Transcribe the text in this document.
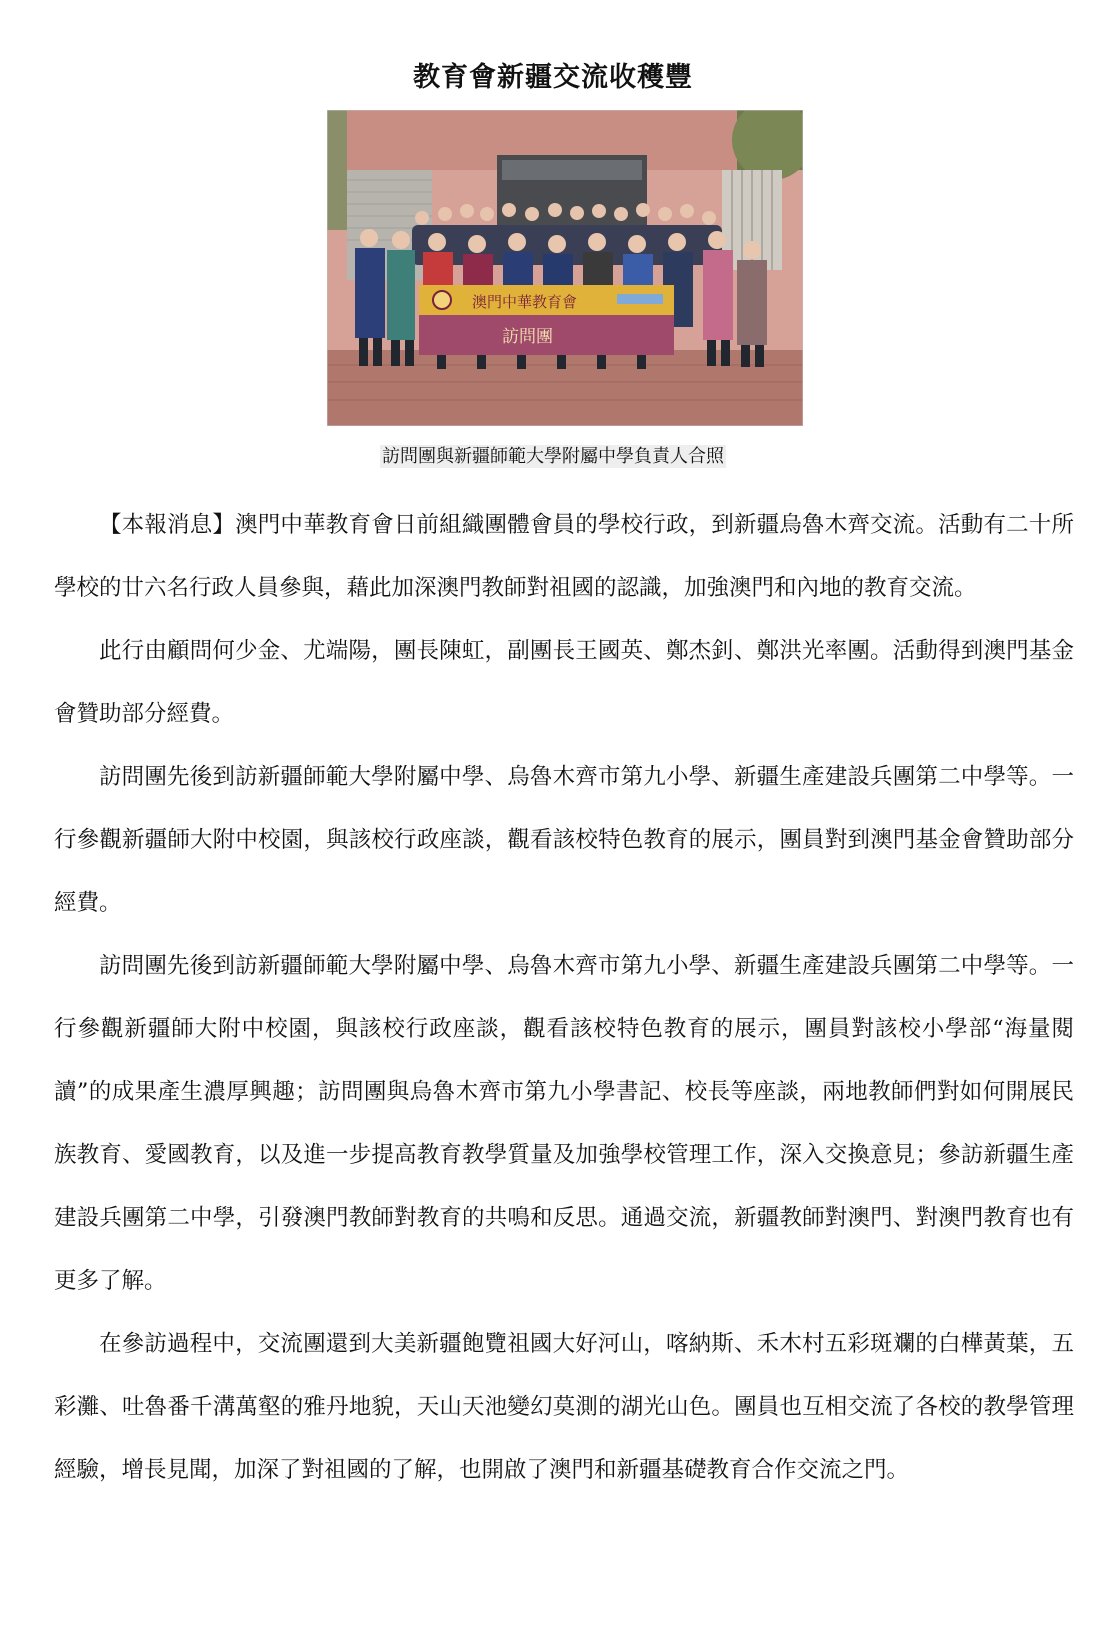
教育會新疆交流收穫豐
澳門中華教育會
訪問團
訪問團與新疆師範大學附屬中學負責人合照

【本報消息】澳門中華教育會日前組織團體會員的學校行政，到新疆烏魯木齊交流。活動有二十所學校的廿六名行政人員參與，藉此加深澳門教師對祖國的認識，加強澳門和內地的教育交流。

此行由顧問何少金、尤端陽，團長陳虹，副團長王國英、鄭杰釗、鄭洪光率團。活動得到澳門基金會贊助部分經費。

訪問團先後到訪新疆師範大學附屬中學、烏魯木齊市第九小學、新疆生產建設兵團第二中學等。一行參觀新疆師大附中校園，與該校行政座談，觀看該校特色教育的展示，團員對到澳門基金會贊助部分經費。

訪問團先後到訪新疆師範大學附屬中學、烏魯木齊市第九小學、新疆生產建設兵團第二中學等。一行參觀新疆師大附中校園，與該校行政座談，觀看該校特色教育的展示，團員對該校小學部“海量閱讀”的成果產生濃厚興趣；訪問團與烏魯木齊市第九小學書記、校長等座談，兩地教師們對如何開展民族教育、愛國教育，以及進一步提高教育教學質量及加強學校管理工作，深入交換意見；參訪新疆生產建設兵團第二中學，引發澳門教師對教育的共鳴和反思。通過交流，新疆教師對澳門、對澳門教育也有更多了解。

在參訪過程中，交流團還到大美新疆飽覽祖國大好河山，喀納斯、禾木村五彩斑斕的白樺黃葉，五彩灘、吐魯番千溝萬壑的雅丹地貌，天山天池變幻莫測的湖光山色。團員也互相交流了各校的教學管理經驗，增長見聞，加深了對祖國的了解，也開啟了澳門和新疆基礎教育合作交流之門。
